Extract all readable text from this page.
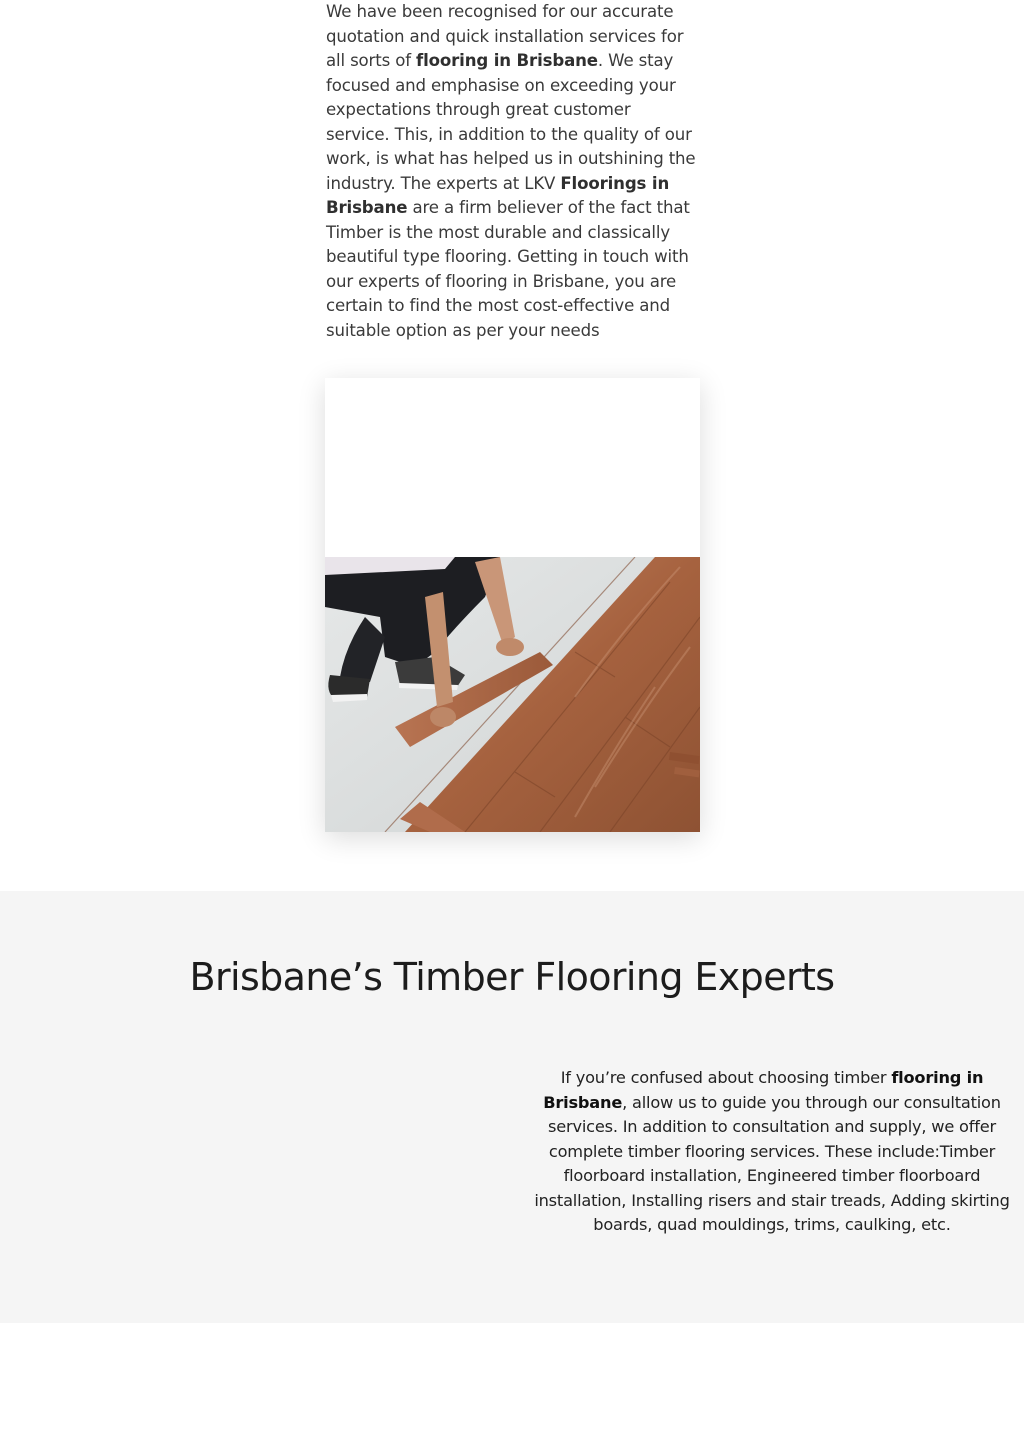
We have been recognised for our accurate quotation and quick installation services for all sorts of flooring in Brisbane. We stay focused and emphasise on exceeding your expectations through great customer service. This, in addition to the quality of our work, is what has helped us in outshining the industry. The experts at LKV Floorings in Brisbane are a firm believer of the fact that Timber is the most durable and classically beautiful type flooring. Getting in touch with our experts of flooring in Brisbane, you are certain to find the most cost-effective and suitable option as per your needs

Brisbane’s Timber Flooring Experts

If you’re confused about choosing timber flooring in Brisbane, allow us to guide you through our consultation services. In addition to consultation and supply, we offer complete timber flooring services. These include:Timber floorboard installation, Engineered timber floorboard installation, Installing risers and stair treads, Adding skirting boards, quad mouldings, trims, caulking, etc.
